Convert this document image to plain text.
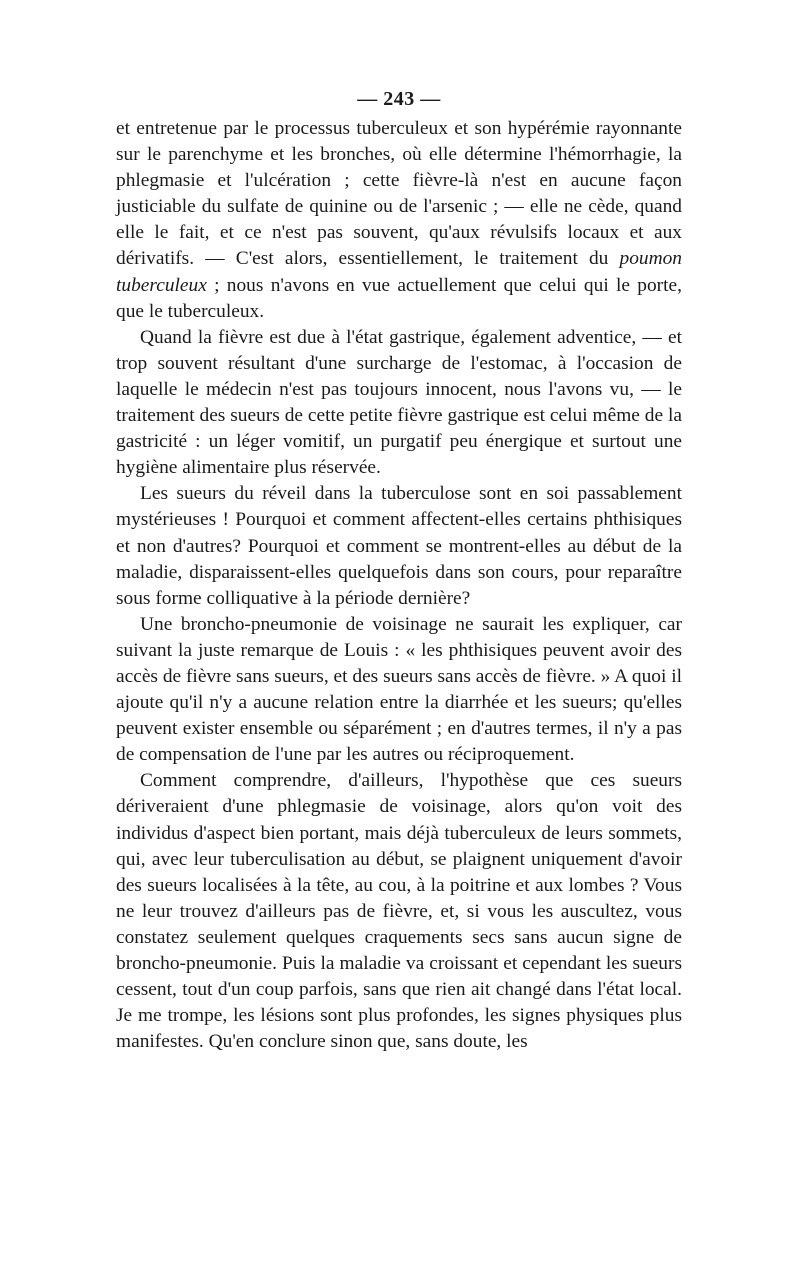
— 243 —

et entretenue par le processus tuberculeux et son hypérémie rayonnante sur le parenchyme et les bronches, où elle détermine l'hémorrhagie, la phlegmasie et l'ulcération ; cette fièvre-là n'est en aucune façon justiciable du sulfate de quinine ou de l'arsenic ; — elle ne cède, quand elle le fait, et ce n'est pas souvent, qu'aux révulsifs locaux et aux dérivatifs. — C'est alors, essentiellement, le traitement du poumon tuberculeux ; nous n'avons en vue actuellement que celui qui le porte, que le tuberculeux.

Quand la fièvre est due à l'état gastrique, également adventice, — et trop souvent résultant d'une surcharge de l'estomac, à l'occasion de laquelle le médecin n'est pas toujours innocent, nous l'avons vu, — le traitement des sueurs de cette petite fièvre gastrique est celui même de la gastricité : un léger vomitif, un purgatif peu énergique et surtout une hygiène alimentaire plus réservée.

Les sueurs du réveil dans la tuberculose sont en soi passablement mystérieuses ! Pourquoi et comment affectent-elles certains phthisiques et non d'autres? Pourquoi et comment se montrent-elles au début de la maladie, disparaissent-elles quelquefois dans son cours, pour reparaître sous forme colliquative à la période dernière?

Une broncho-pneumonie de voisinage ne saurait les expliquer, car suivant la juste remarque de Louis : « les phthisiques peuvent avoir des accès de fièvre sans sueurs, et des sueurs sans accès de fièvre. » A quoi il ajoute qu'il n'y a aucune relation entre la diarrhée et les sueurs; qu'elles peuvent exister ensemble ou séparément ; en d'autres termes, il n'y a pas de compensation de l'une par les autres ou réciproquement.

Comment comprendre, d'ailleurs, l'hypothèse que ces sueurs dériveraient d'une phlegmasie de voisinage, alors qu'on voit des individus d'aspect bien portant, mais déjà tuberculeux de leurs sommets, qui, avec leur tuberculisation au début, se plaignent uniquement d'avoir des sueurs localisées à la tête, au cou, à la poitrine et aux lombes ? Vous ne leur trouvez d'ailleurs pas de fièvre, et, si vous les auscultez, vous constatez seulement quelques craquements secs sans aucun signe de broncho-pneumonie. Puis la maladie va croissant et cependant les sueurs cessent, tout d'un coup parfois, sans que rien ait changé dans l'état local. Je me trompe, les lésions sont plus profondes, les signes physiques plus manifestes. Qu'en conclure sinon que, sans doute, les
